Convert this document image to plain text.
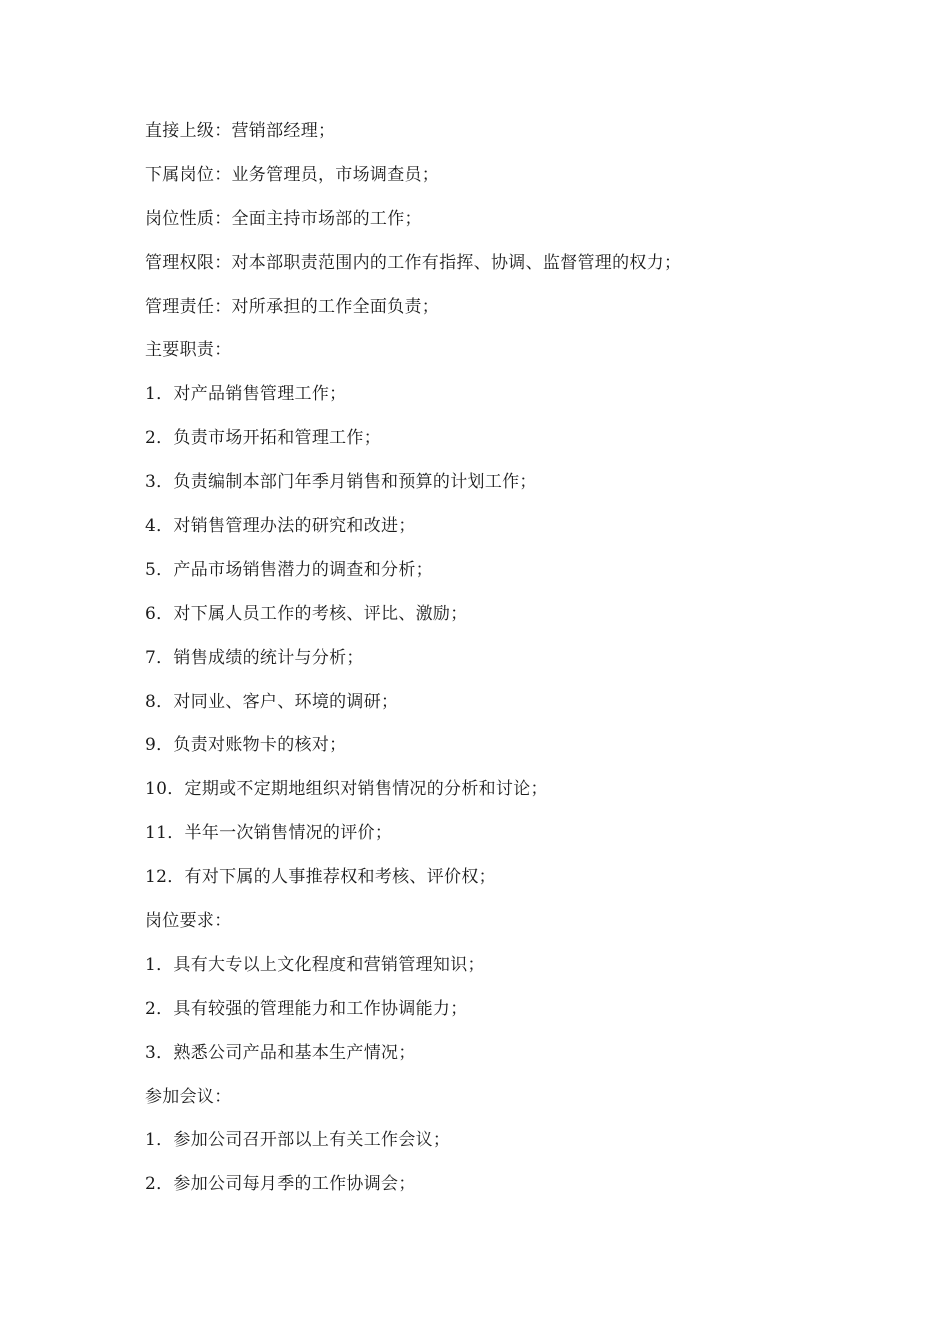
直接上级：营销部经理；
下属岗位：业务管理员，市场调查员；
岗位性质：全面主持市场部的工作；
管理权限：对本部职责范围内的工作有指挥、协调、监督管理的权力；
管理责任：对所承担的工作全面负责；
主要职责：
1．对产品销售管理工作；
2．负责市场开拓和管理工作；
3．负责编制本部门年季月销售和预算的计划工作；
4．对销售管理办法的研究和改进；
5．产品市场销售潜力的调查和分析；
6．对下属人员工作的考核、评比、激励；
7．销售成绩的统计与分析；
8．对同业、客户、环境的调研；
9．负责对账物卡的核对；
10．定期或不定期地组织对销售情况的分析和讨论；
11．半年一次销售情况的评价；
12．有对下属的人事推荐权和考核、评价权；
岗位要求：
1．具有大专以上文化程度和营销管理知识；
2．具有较强的管理能力和工作协调能力；
3．熟悉公司产品和基本生产情况；
参加会议：
1．参加公司召开部以上有关工作会议；
2．参加公司每月季的工作协调会；
